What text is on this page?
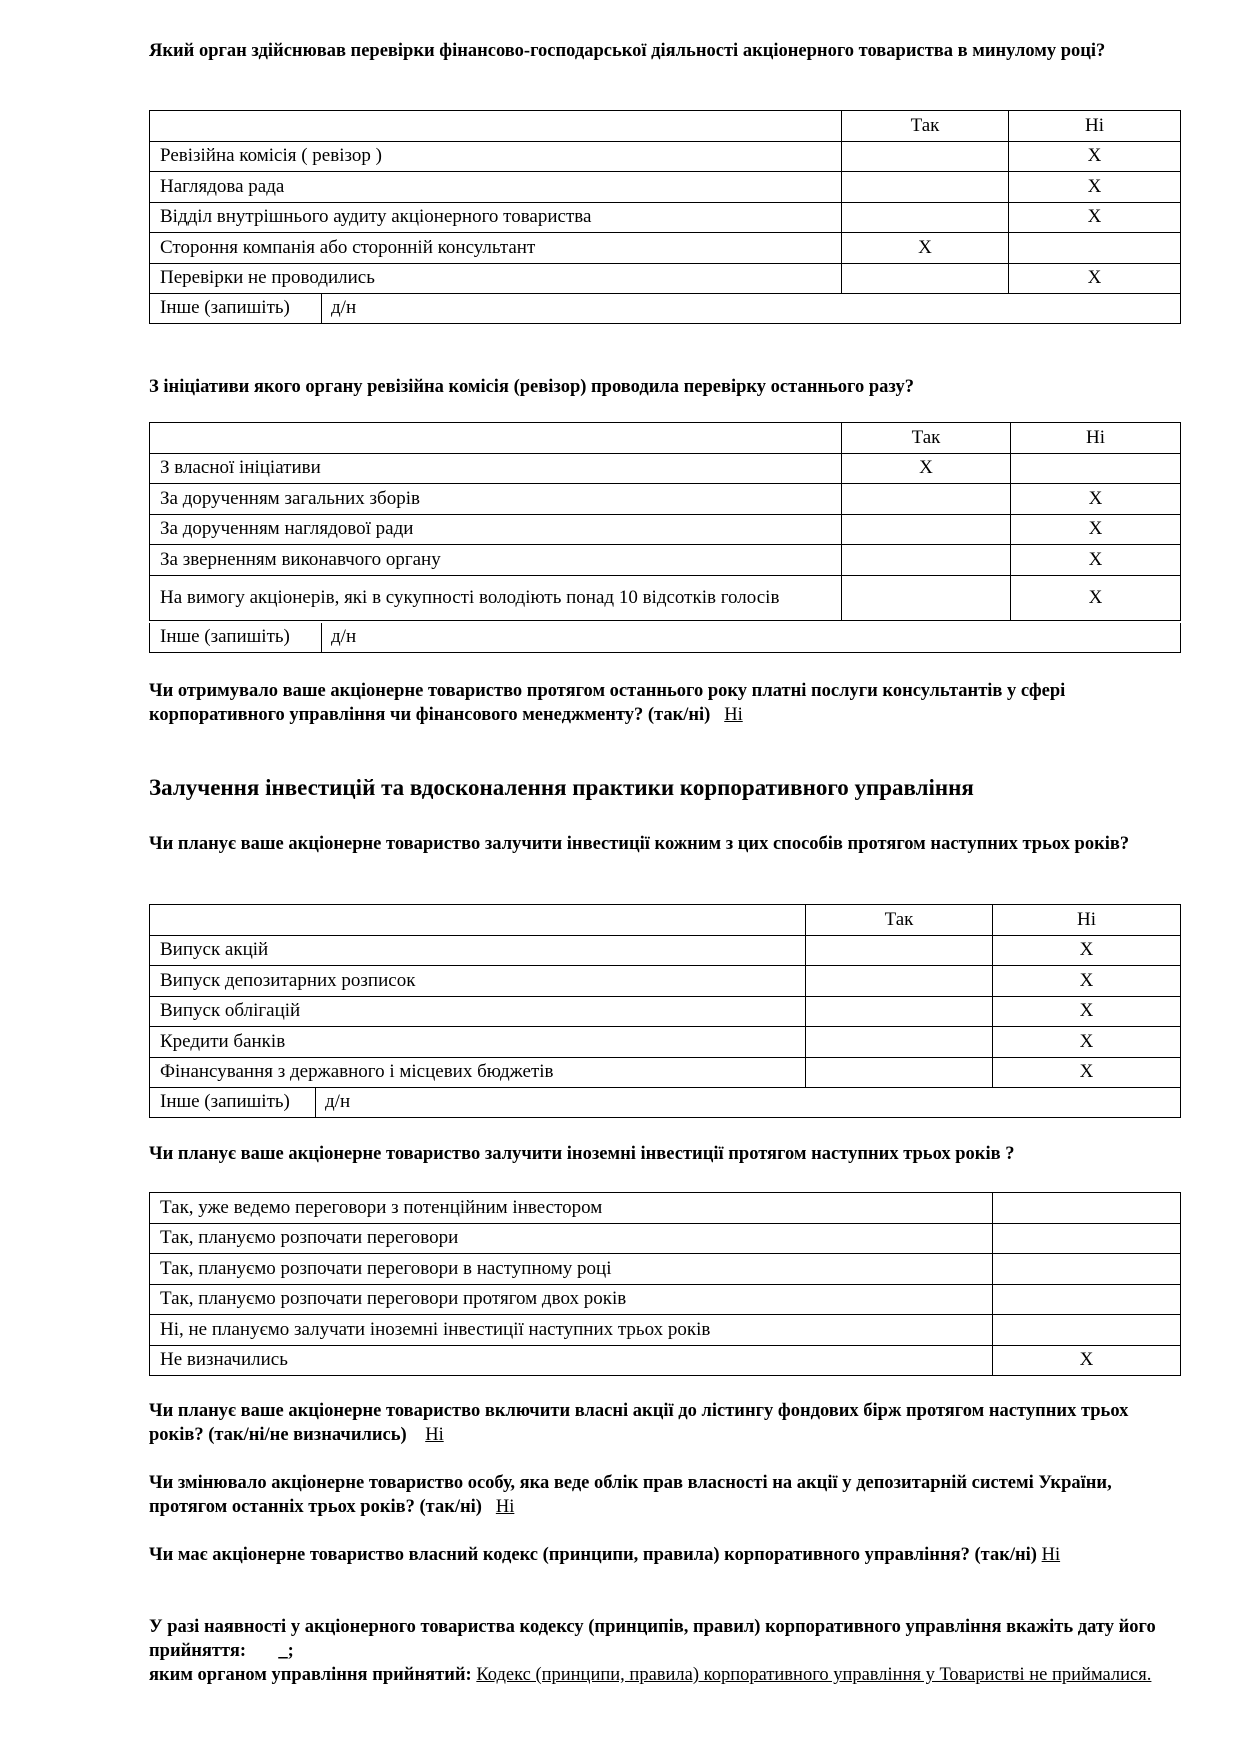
Який орган здійснював перевірки фінансово-господарської діяльності акціонерного товариства в минулому році?
	Так	Ні
Ревізійна комісія ( ревізор )		X
Наглядова рада		X
Відділ внутрішнього аудиту акціонерного товариства		X
Стороння компанія або сторонній консультант	X	
Перевірки не проводились		X
Інше (запишіть) д/н
З ініціативи якого органу ревізійна комісія (ревізор) проводила перевірку останнього разу?
	Так	Ні
З власної ініціативи	X	
За дорученням загальних зборів		X
За дорученням наглядової ради		X
За зверненням виконавчого органу		X
На вимогу акціонерів, які в сукупності володіють понад 10 відсотків голосів		X
Інше (запишіть) д/н
Чи отримувало ваше акціонерне товариство протягом останнього року платні послуги консультантів у сфері корпоративного управління чи фінансового менеджменту? (так/ні) Ні
Залучення інвестицій та вдосконалення практики корпоративного управління
Чи планує ваше акціонерне товариство залучити інвестиції кожним з цих способів протягом наступних трьох років?
	Так	Ні
Випуск акцій		X
Випуск депозитарних розписок		X
Випуск облігацій		X
Кредити банків		X
Фінансування з державного і місцевих бюджетів		X
Інше (запишіть) д/н
Чи планує ваше акціонерне товариство залучити іноземні інвестиції протягом наступних трьох років ?
Так, уже ведемо переговори з потенційним інвестором	
Так, плануємо розпочати переговори	
Так, плануємо розпочати переговори в наступному році	
Так, плануємо розпочати переговори протягом двох років	
Ні, не плануємо залучати іноземні інвестиції наступних трьох років	
Не визначились	X
Чи планує ваше акціонерне товариство включити власні акції до лістингу фондових бірж протягом наступних трьох років? (так/ні/не визначились) Ні
Чи змінювало акціонерне товариство особу, яка веде облік прав власності на акції у депозитарній системі України, протягом останніх трьох років? (так/ні) Ні
Чи має акціонерне товариство власний кодекс (принципи, правила) корпоративного управління? (так/ні) Ні
У разі наявності у акціонерного товариства кодексу (принципів, правил) корпоративного управління вкажіть дату його прийняття: _;
яким органом управління прийнятий: Кодекс (принципи, правила) корпоративного управління у Товаристві не приймалися.
